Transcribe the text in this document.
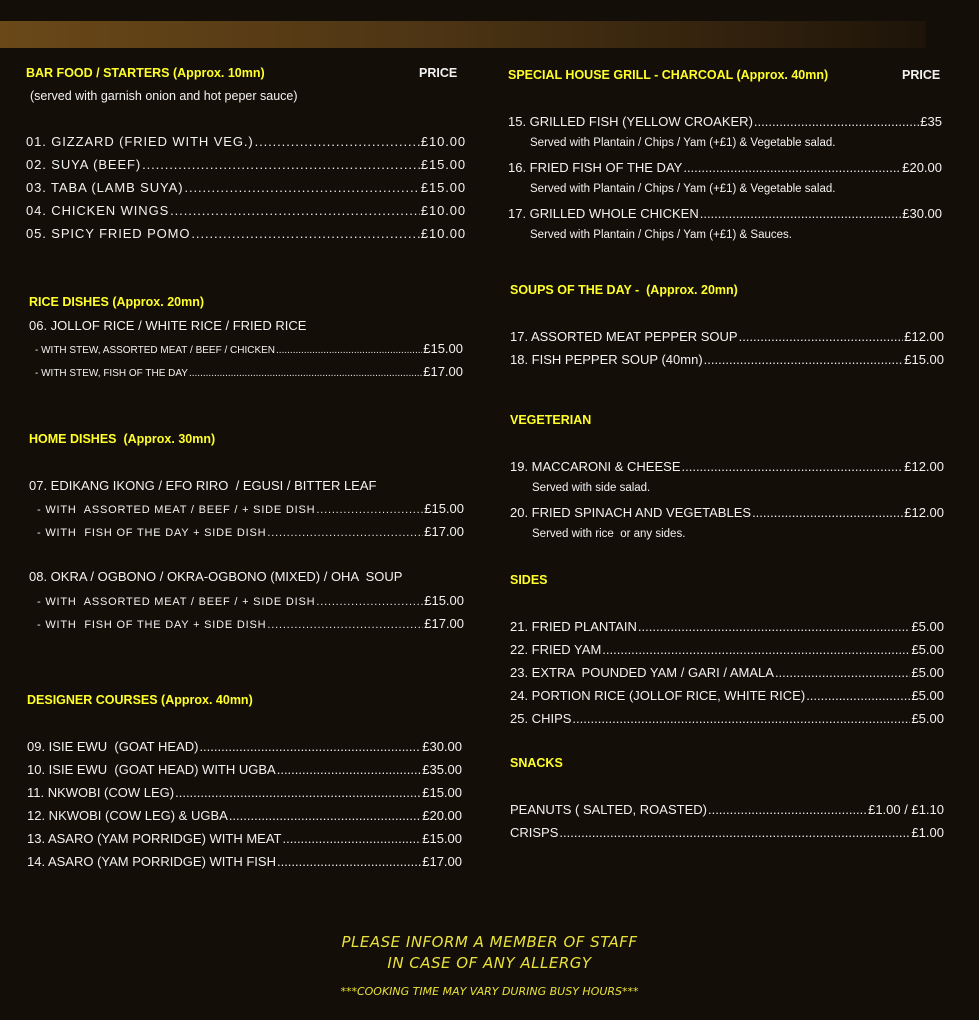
BAR FOOD / STARTERS (Approx. 10mn)	PRICE
(served with garnish onion and hot peper sauce)
01. GIZZARD (FRIED WITH VEG.) .....	£10.00
02. SUYA (BEEF) .....	£15.00
03. TABA (LAMB SUYA) .....	£15.00
04. CHICKEN WINGS .....	£10.00
05. SPICY FRIED POMO .....	£10.00
RICE DISHES (Approx. 20mn)
06. JOLLOF RICE / WHITE RICE / FRIED RICE
- WITH STEW, ASSORTED MEAT / BEEF / CHICKEN .....	£15.00
- WITH STEW, FISH OF THE DAY .....	£17.00
HOME DISHES  (Approx. 30mn)
07. EDIKANG IKONG / EFO RIRO  / EGUSI / BITTER LEAF
- WITH  ASSORTED MEAT / BEEF / + SIDE DISH .....	£15.00
- WITH  FISH OF THE DAY + SIDE DISH .....	£17.00
08. OKRA / OGBONO / OKRA-OGBONO (MIXED) / OHA  SOUP
- WITH  ASSORTED MEAT / BEEF / + SIDE DISH .....	£15.00
- WITH  FISH OF THE DAY + SIDE DISH .....	£17.00
DESIGNER COURSES (Approx. 40mn)
09. ISIE EWU  (GOAT HEAD) .....	£30.00
10. ISIE EWU  (GOAT HEAD) WITH UGBA .....	£35.00
11. NKWOBI (COW LEG) .....	£15.00
12. NKWOBI (COW LEG) & UGBA .....	£20.00
13. ASARO (YAM PORRIDGE) WITH MEAT .....	£15.00
14. ASARO (YAM PORRIDGE) WITH FISH .....	£17.00
SPECIAL HOUSE GRILL - CHARCOAL (Approx. 40mn)	PRICE
15. GRILLED FISH (YELLOW CROAKER) .....	£35
Served with Plantain / Chips / Yam (+£1) & Vegetable salad.
16. FRIED FISH OF THE DAY .....	£20.00
Served with Plantain / Chips / Yam (+£1) & Vegetable salad.
17. GRILLED WHOLE CHICKEN .....	£30.00
Served with Plantain / Chips / Yam (+£1) & Sauces.
SOUPS OF THE DAY -  (Approx. 20mn)
17. ASSORTED MEAT PEPPER SOUP .....	£12.00
18. FISH PEPPER SOUP (40mn) .....	£15.00
VEGETERIAN
19. MACCARONI & CHEESE .....	£12.00
Served with side salad.
20. FRIED SPINACH AND VEGETABLES .....	£12.00
Served with rice  or any sides.
SIDES
21. FRIED PLANTAIN .....	£5.00
22. FRIED YAM .....	£5.00
23. EXTRA  POUNDED YAM / GARI / AMALA .....	£5.00
24. PORTION RICE (JOLLOF RICE, WHITE RICE) .....	£5.00
25. CHIPS .....	£5.00
SNACKS
PEANUTS ( SALTED, ROASTED) .....	£1.00 / £1.10
CRISPS .....	£1.00
PLEASE INFORM A MEMBER OF STAFF
IN CASE OF ANY ALLERGY
***COOKING TIME MAY VARY DURING BUSY HOURS***
